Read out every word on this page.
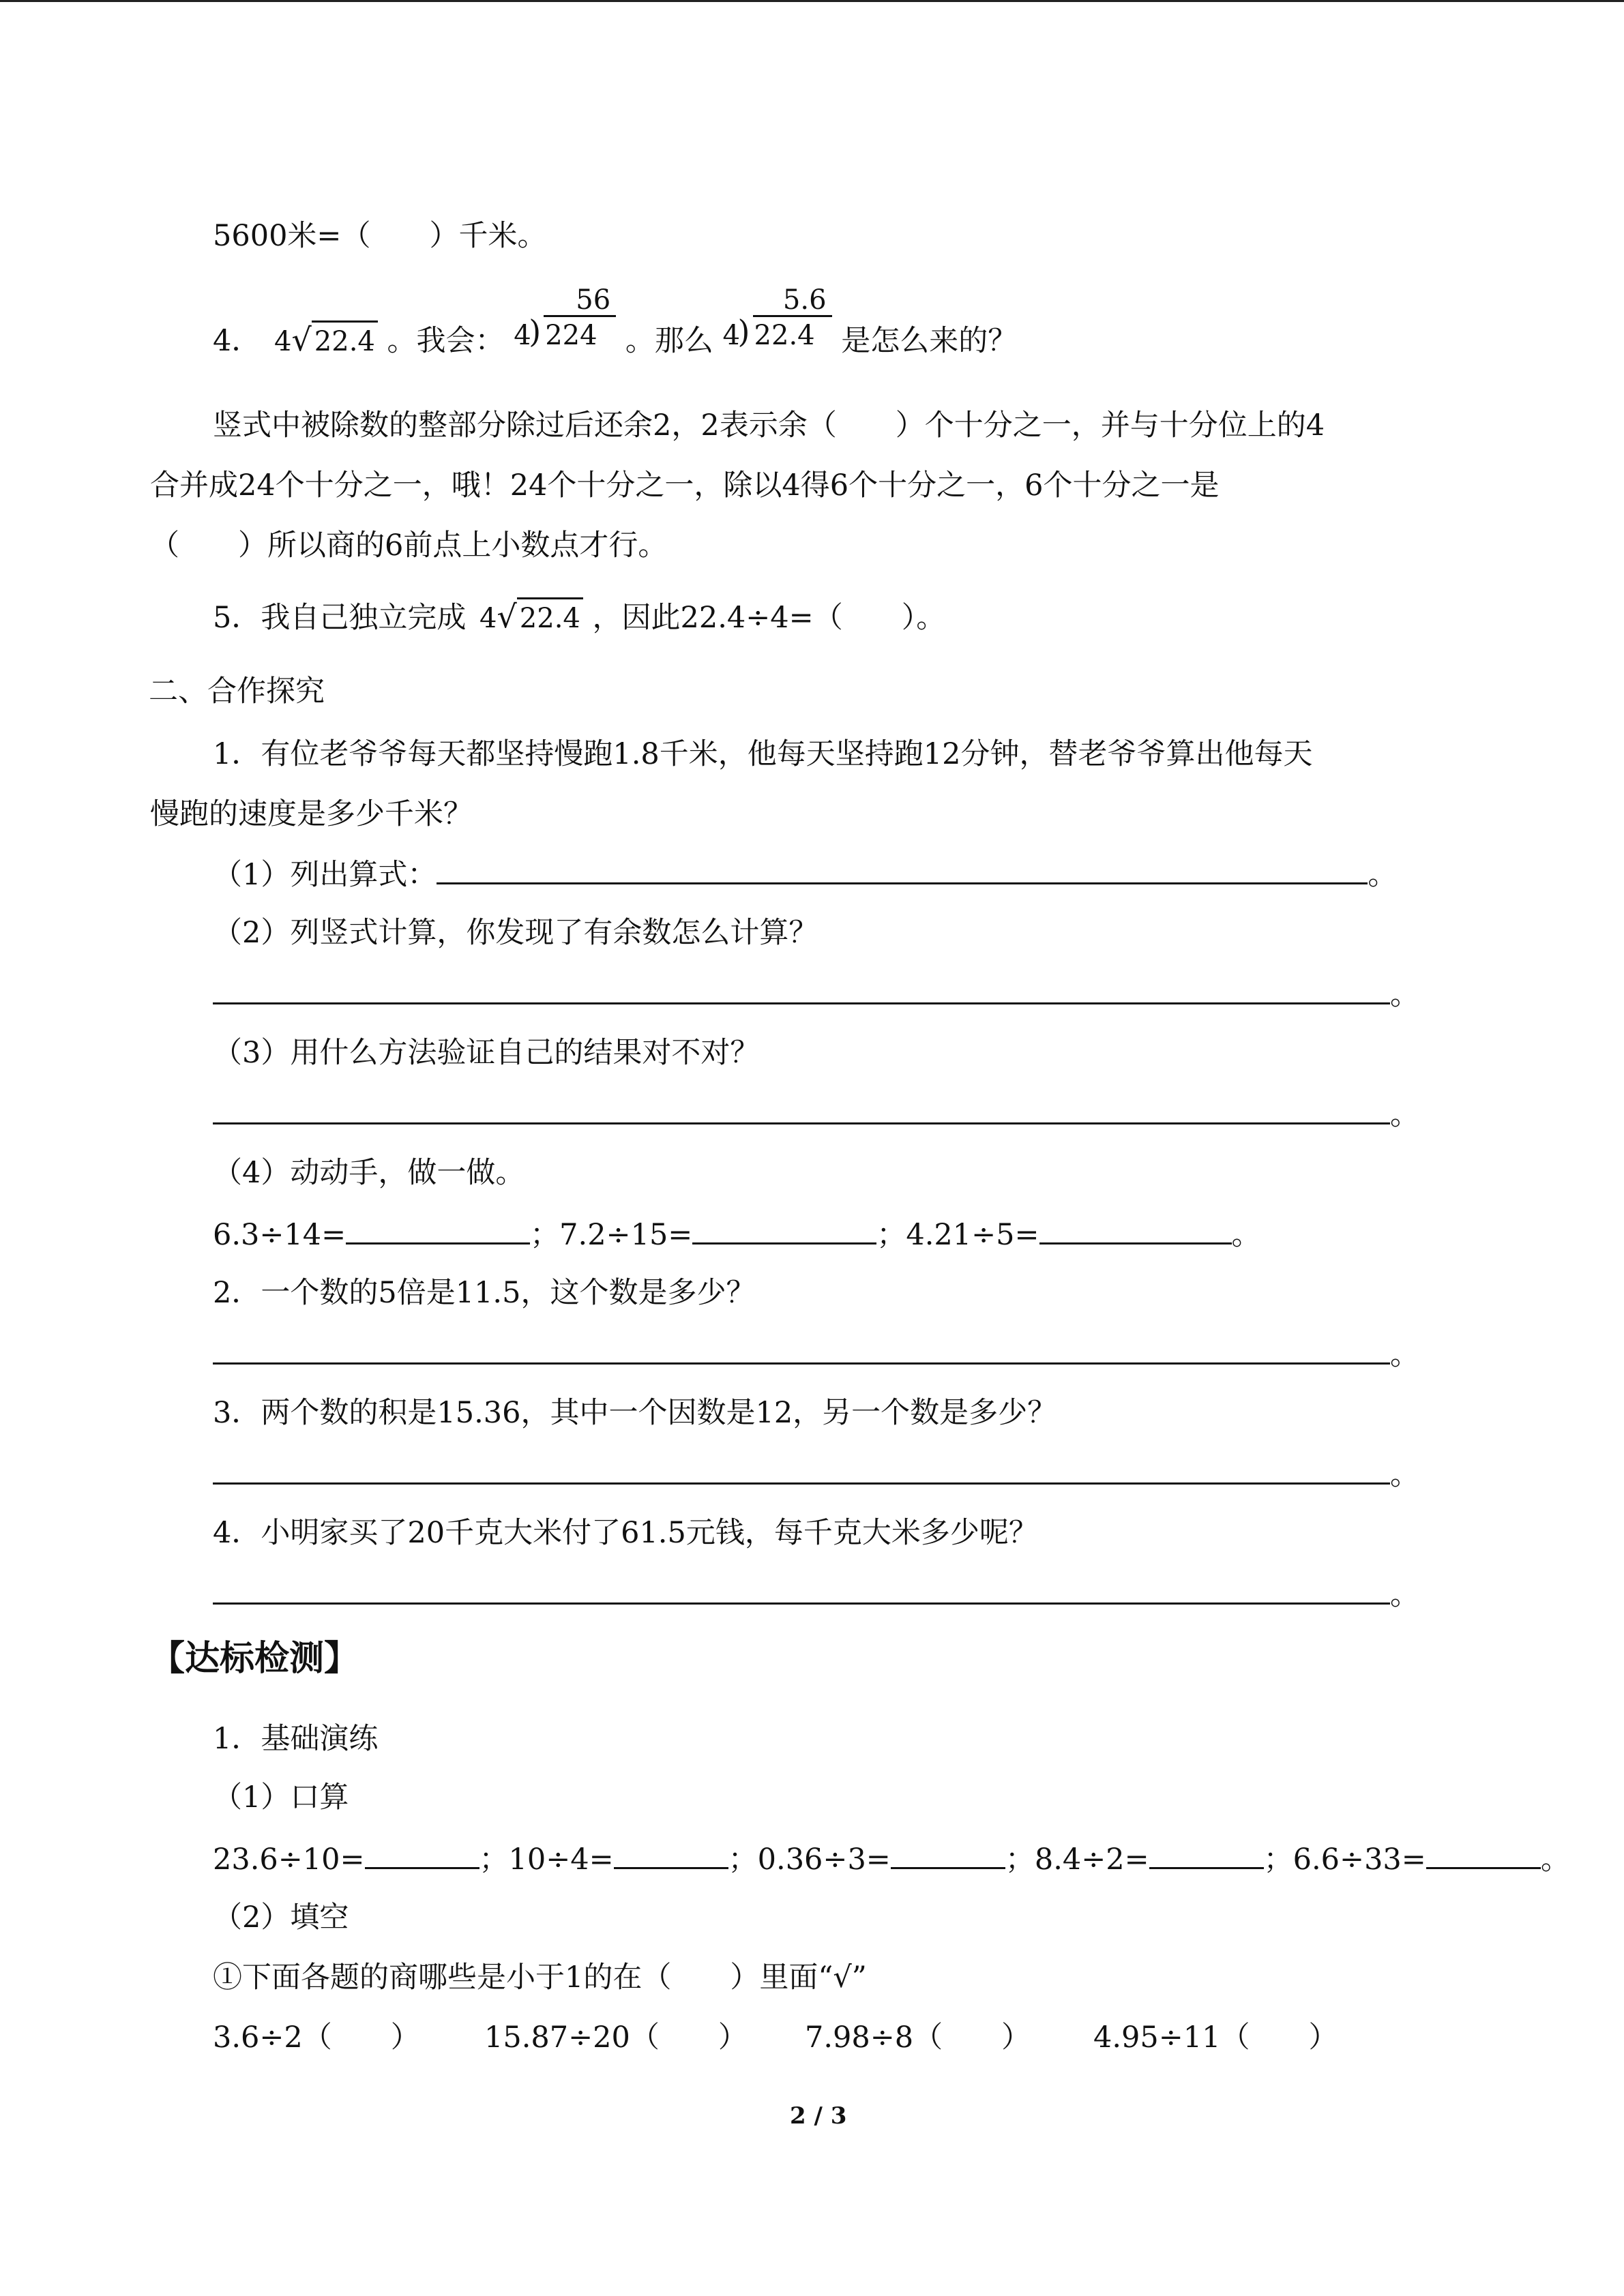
5600米=（　　）千米。
4． 4√ 22.4 。我会：
56
4
) 224 。那么
5.6
4
) 22.4 是怎么来的？
竖式中被除数的整部分除过后还余2，2表示余（　　）个十分之一，并与十分位上的4
合并成24个十分之一，哦！24个十分之一，除以4得6个十分之一，6个十分之一是
（　　）所以商的6前点上小数点才行。
5．我自己独立完成 4√ 22.4 ，因此22.4÷4=（　　）。
二、合作探究
1．有位老爷爷每天都坚持慢跑1.8千米，他每天坚持跑12分钟，替老爷爷算出他每天
慢跑的速度是多少千米？
（1）列出算式：	。
（2）列竖式计算，你发现了有余数怎么计算？
。
（3）用什么方法验证自己的结果对不对？
。
（4）动动手，做一做。
6.3÷14=	；7.2÷15=	；4.21÷5=	。
2．一个数的5倍是11.5，这个数是多少？
。
3．两个数的积是15.36，其中一个因数是12，另一个数是多少？
。
4．小明家买了20千克大米付了61.5元钱，每千克大米多少呢？
。
【达标检测】
1．基础演练
（1）口算
23.6÷10=	；10÷4=	；0.36÷3=	；8.4÷2=	；6.6÷33=	。
（2）填空
①下面各题的商哪些是小于1的在（　　）里面“√”
3.6÷2（　　） 15.87÷20（　　） 7.98÷8（　　） 4.95÷11（　　）
2 / 3
